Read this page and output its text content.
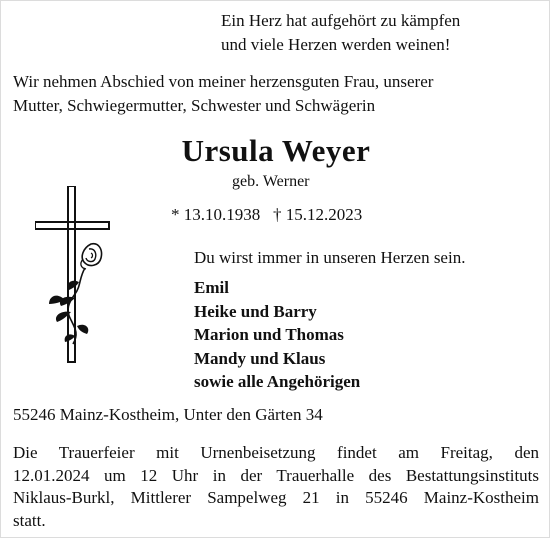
Ein Herz hat aufgehört zu kämpfen
und viele Herzen werden weinen!
Wir nehmen Abschied von meiner herzensguten Frau, unserer
Mutter, Schwiegermutter, Schwester und Schwägerin
Ursula Weyer
geb. Werner
* 13.10.1938   † 15.12.2023
Du wirst immer in unseren Herzen sein.
Emil
Heike und Barry
Marion und Thomas
Mandy und Klaus
sowie alle Angehörigen
55246 Mainz-Kostheim, Unter den Gärten 34
Die Trauerfeier mit Urnenbeisetzung findet am Freitag, den
12.01.2024 um 12 Uhr in der Trauerhalle des Bestattungsinstituts
Niklaus-Burkl, Mittlerer Sampelweg 21 in 55246 Mainz-Kostheim
statt.
